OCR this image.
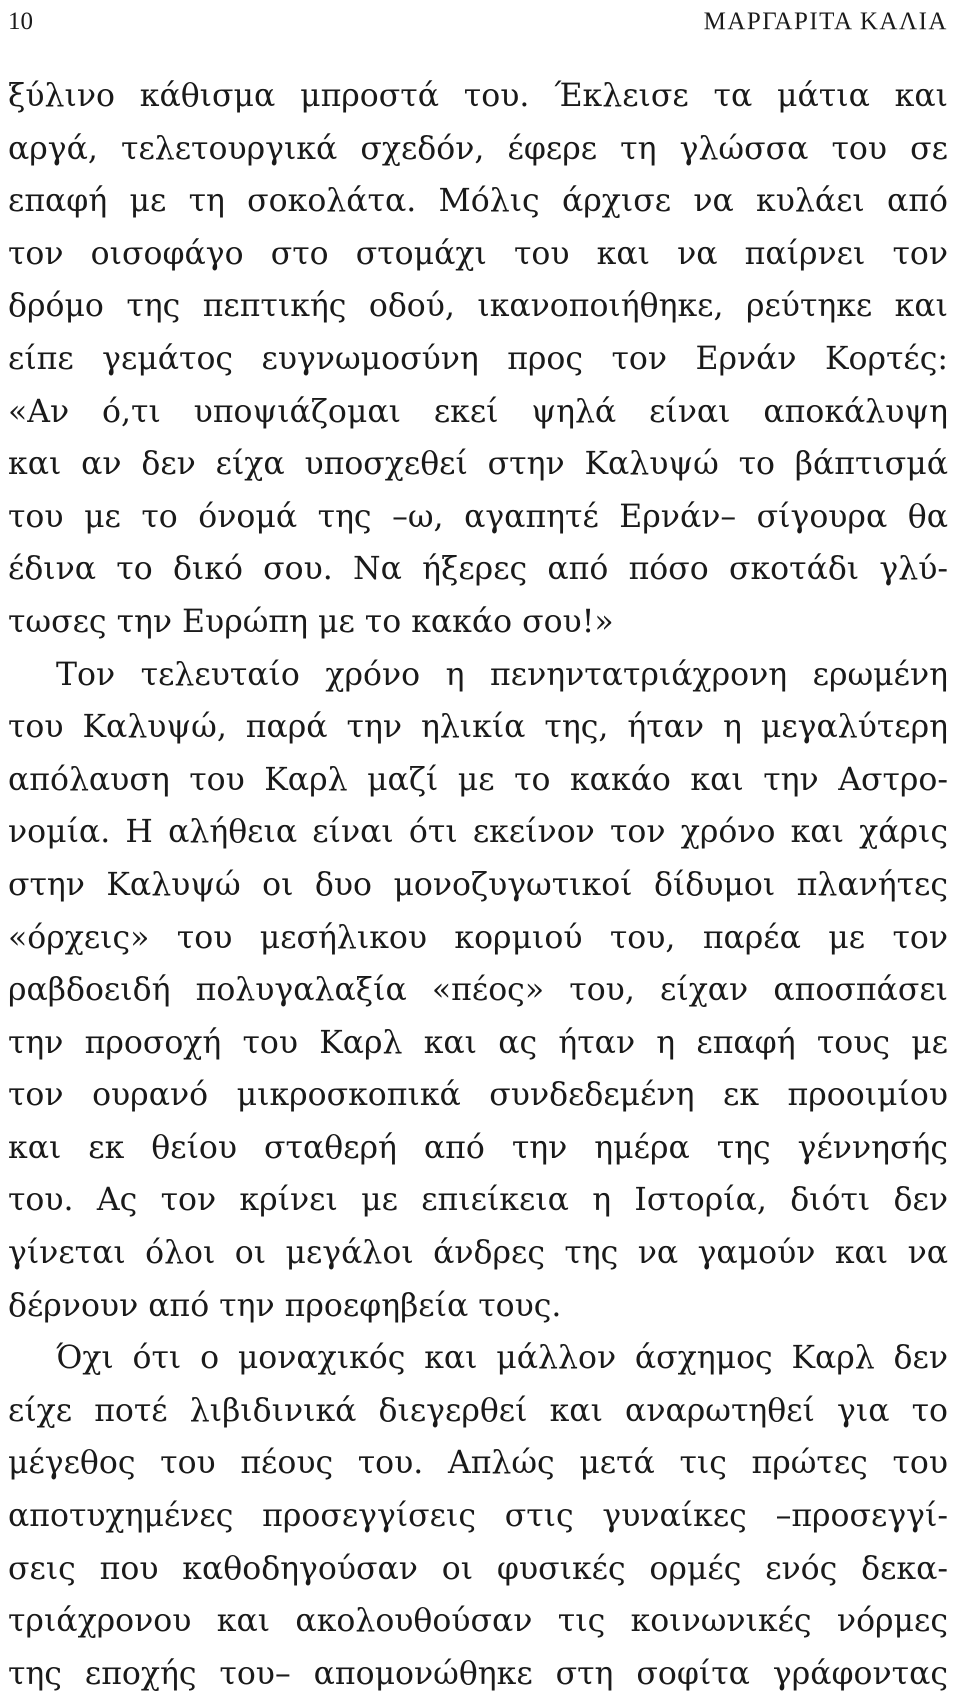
10	ΜΑΡΓΑΡΙΤΑ ΚΑΛΙΑ
ξύλινο κάθισμα μπροστά του. Έκλεισε τα μάτια και
αργά, τελετουργικά σχεδόν, έφερε τη γλώσσα του σε
επαφή με τη σοκολάτα. Μόλις άρχισε να κυλάει από
τον οισοφάγο στο στομάχι του και να παίρνει τον
δρόμο της πεπτικής οδού, ικανοποιήθηκε, ρεύτηκε και
είπε γεμάτος ευγνωμοσύνη προς τον Ερνάν Κορτές:
«Αν ό,τι υποψιάζομαι εκεί ψηλά είναι αποκάλυψη
και αν δεν είχα υποσχεθεί στην Καλυψώ το βάπτισμά
του με το όνομά της –ω, αγαπητέ Ερνάν– σίγουρα θα
έδινα το δικό σου. Να ήξερες από πόσο σκοτάδι γλύ-
τωσες την Ευρώπη με το κακάο σου!»
Τον τελευταίο χρόνο η πενηντατριάχρονη ερωμένη
του Καλυψώ, παρά την ηλικία της, ήταν η μεγαλύτερη
απόλαυση του Καρλ μαζί με το κακάο και την Αστρο-
νομία. Η αλήθεια είναι ότι εκείνον τον χρόνο και χάρις
στην Καλυψώ οι δυο μονοζυγωτικοί δίδυμοι πλανήτες
«όρχεις» του μεσήλικου κορμιού του, παρέα με τον
ραβδοειδή πολυγαλαξία «πέος» του, είχαν αποσπάσει
την προσοχή του Καρλ και ας ήταν η επαφή τους με
τον ουρανό μικροσκοπικά συνδεδεμένη εκ προοιμίου
και εκ θείου σταθερή από την ημέρα της γέννησής
του. Ας τον κρίνει με επιείκεια η Ιστορία, διότι δεν
γίνεται όλοι οι μεγάλοι άνδρες της να γαμούν και να
δέρνουν από την προεφηβεία τους.
Όχι ότι ο μοναχικός και μάλλον άσχημος Καρλ δεν
είχε ποτέ λιβιδινικά διεγερθεί και αναρωτηθεί για το
μέγεθος του πέους του. Απλώς μετά τις πρώτες του
αποτυχημένες προσεγγίσεις στις γυναίκες –προσεγγί-
σεις που καθοδηγούσαν οι φυσικές ορμές ενός δεκα-
τριάχρονου και ακολουθούσαν τις κοινωνικές νόρμες
της εποχής του– απομονώθηκε στη σοφίτα γράφοντας
